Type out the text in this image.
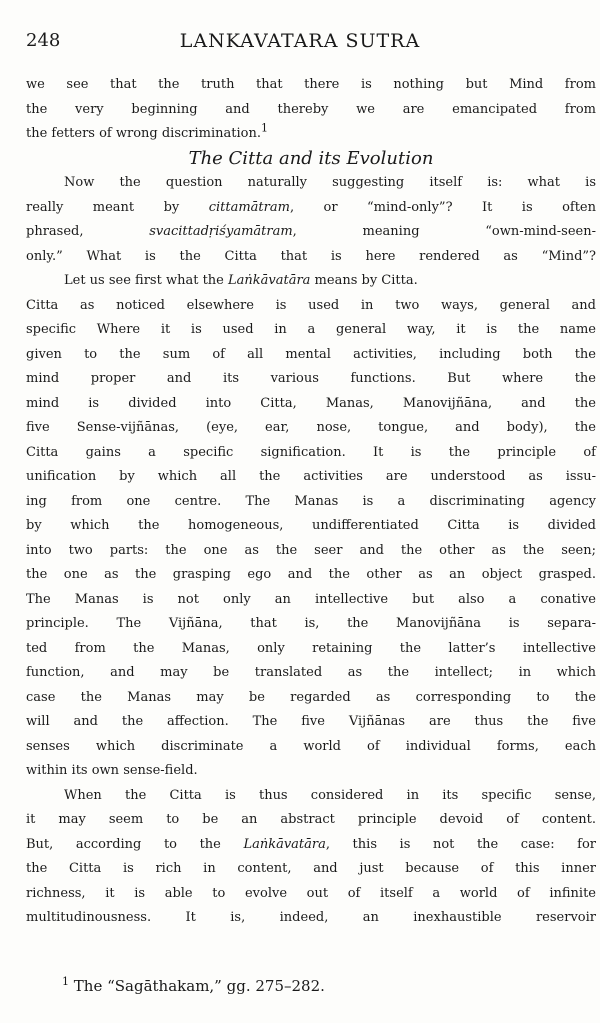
248	LANKAVATARA SUTRA
we see that the truth that there is nothing but Mind from
the very beginning and thereby we are emancipated from
the fetters of wrong discrimination.$^1$
The Citta and its Evolution
Now the question naturally suggesting itself is: what is
really meant by cittamātram, or “mind-only”? It is often
phrased, svacittadṛiśyamātram, meaning “own-mind-seen-
only.” What is the Citta that is here rendered as “Mind”?
Let us see first what the Laṅkāvatāra means by Citta.
Citta as noticed elsewhere is used in two ways, general and
specific Where it is used in a general way, it is the name
given to the sum of all mental activities, including both the
mind proper and its various functions. But where the
mind is divided into Citta, Manas, Manovijñāna, and the
five Sense-vijñānas, (eye, ear, nose, tongue, and body), the
Citta gains a specific signification. It is the principle of
unification by which all the activities are understood as issu-
ing from one centre. The Manas is a discriminating agency
by which the homogeneous, undifferentiated Citta is divided
into two parts: the one as the seer and the other as the seen;
the one as the grasping ego and the other as an object grasped.
The Manas is not only an intellective but also a conative
principle. The Vijñāna, that is, the Manovijñāna is separa-
ted from the Manas, only retaining the latter’s intellective
function, and may be translated as the intellect; in which
case the Manas may be regarded as corresponding to the
will and the affection. The five Vijñānas are thus the five
senses which discriminate a world of individual forms, each
within its own sense-field.
When the Citta is thus considered in its specific sense,
it may seem to be an abstract principle devoid of content.
But, according to the Laṅkāvatāra, this is not the case: for
the Citta is rich in content, and just because of this inner
richness, it is able to evolve out of itself a world of infinite
multitudinousness. It is, indeed, an inexhaustible reservoir
$^1$ The “Sagāthakam,” gg. 275–282.
